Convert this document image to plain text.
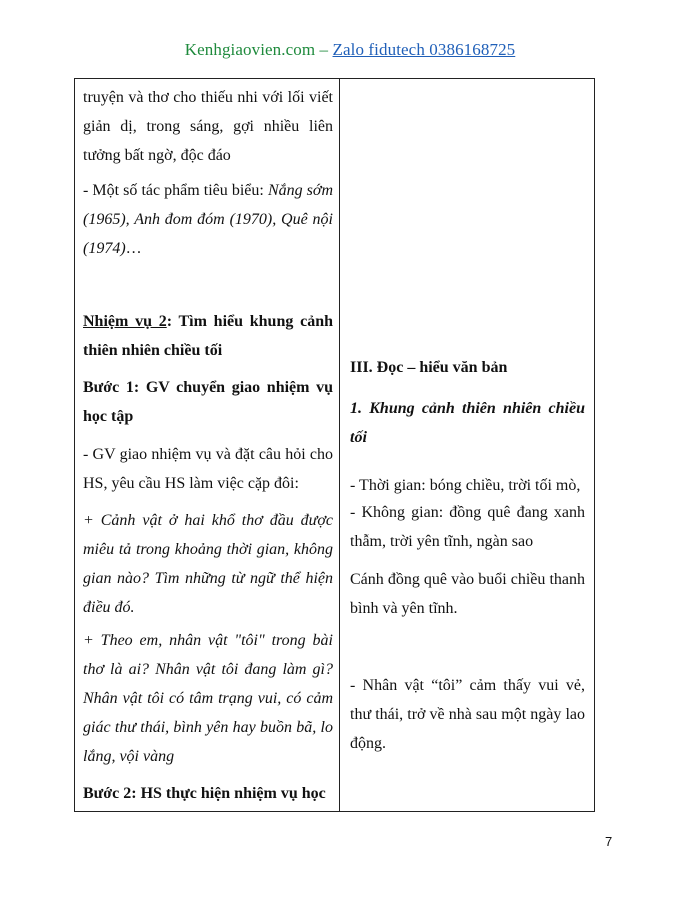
Kenhgiaovien.com – Zalo fidutech 0386168725

truyện và thơ cho thiếu nhi với lối viết giản dị, trong sáng, gợi nhiều liên tưởng bất ngờ, độc đáo

- Một số tác phẩm tiêu biểu: Nắng sớm (1965), Anh đom đóm (1970), Quê nội (1974)…

Nhiệm vụ 2: Tìm hiểu khung cảnh thiên nhiên chiều tối

Bước 1: GV chuyển giao nhiệm vụ học tập

- GV giao nhiệm vụ và đặt câu hỏi cho HS, yêu cầu HS làm việc cặp đôi:

+ Cảnh vật ở hai khổ thơ đầu được miêu tả trong khoảng thời gian, không gian nào? Tìm những từ ngữ thể hiện điều đó.

+ Theo em, nhân vật "tôi" trong bài thơ là ai? Nhân vật tôi đang làm gì? Nhân vật tôi có tâm trạng vui, có cảm giác thư thái, bình yên hay buồn bã, lo lắng, vội vàng

Bước 2: HS thực hiện nhiệm vụ học

III. Đọc – hiểu văn bản

1. Khung cảnh thiên nhiên chiều tối

- Thời gian: bóng chiều, trời tối mò,

- Không gian: đồng quê đang xanh thẫm, trời yên tĩnh, ngàn sao

Cánh đồng quê vào buổi chiều thanh bình và yên tĩnh.

- Nhân vật “tôi” cảm thấy vui vẻ, thư thái, trở về nhà sau một ngày lao động.

7
